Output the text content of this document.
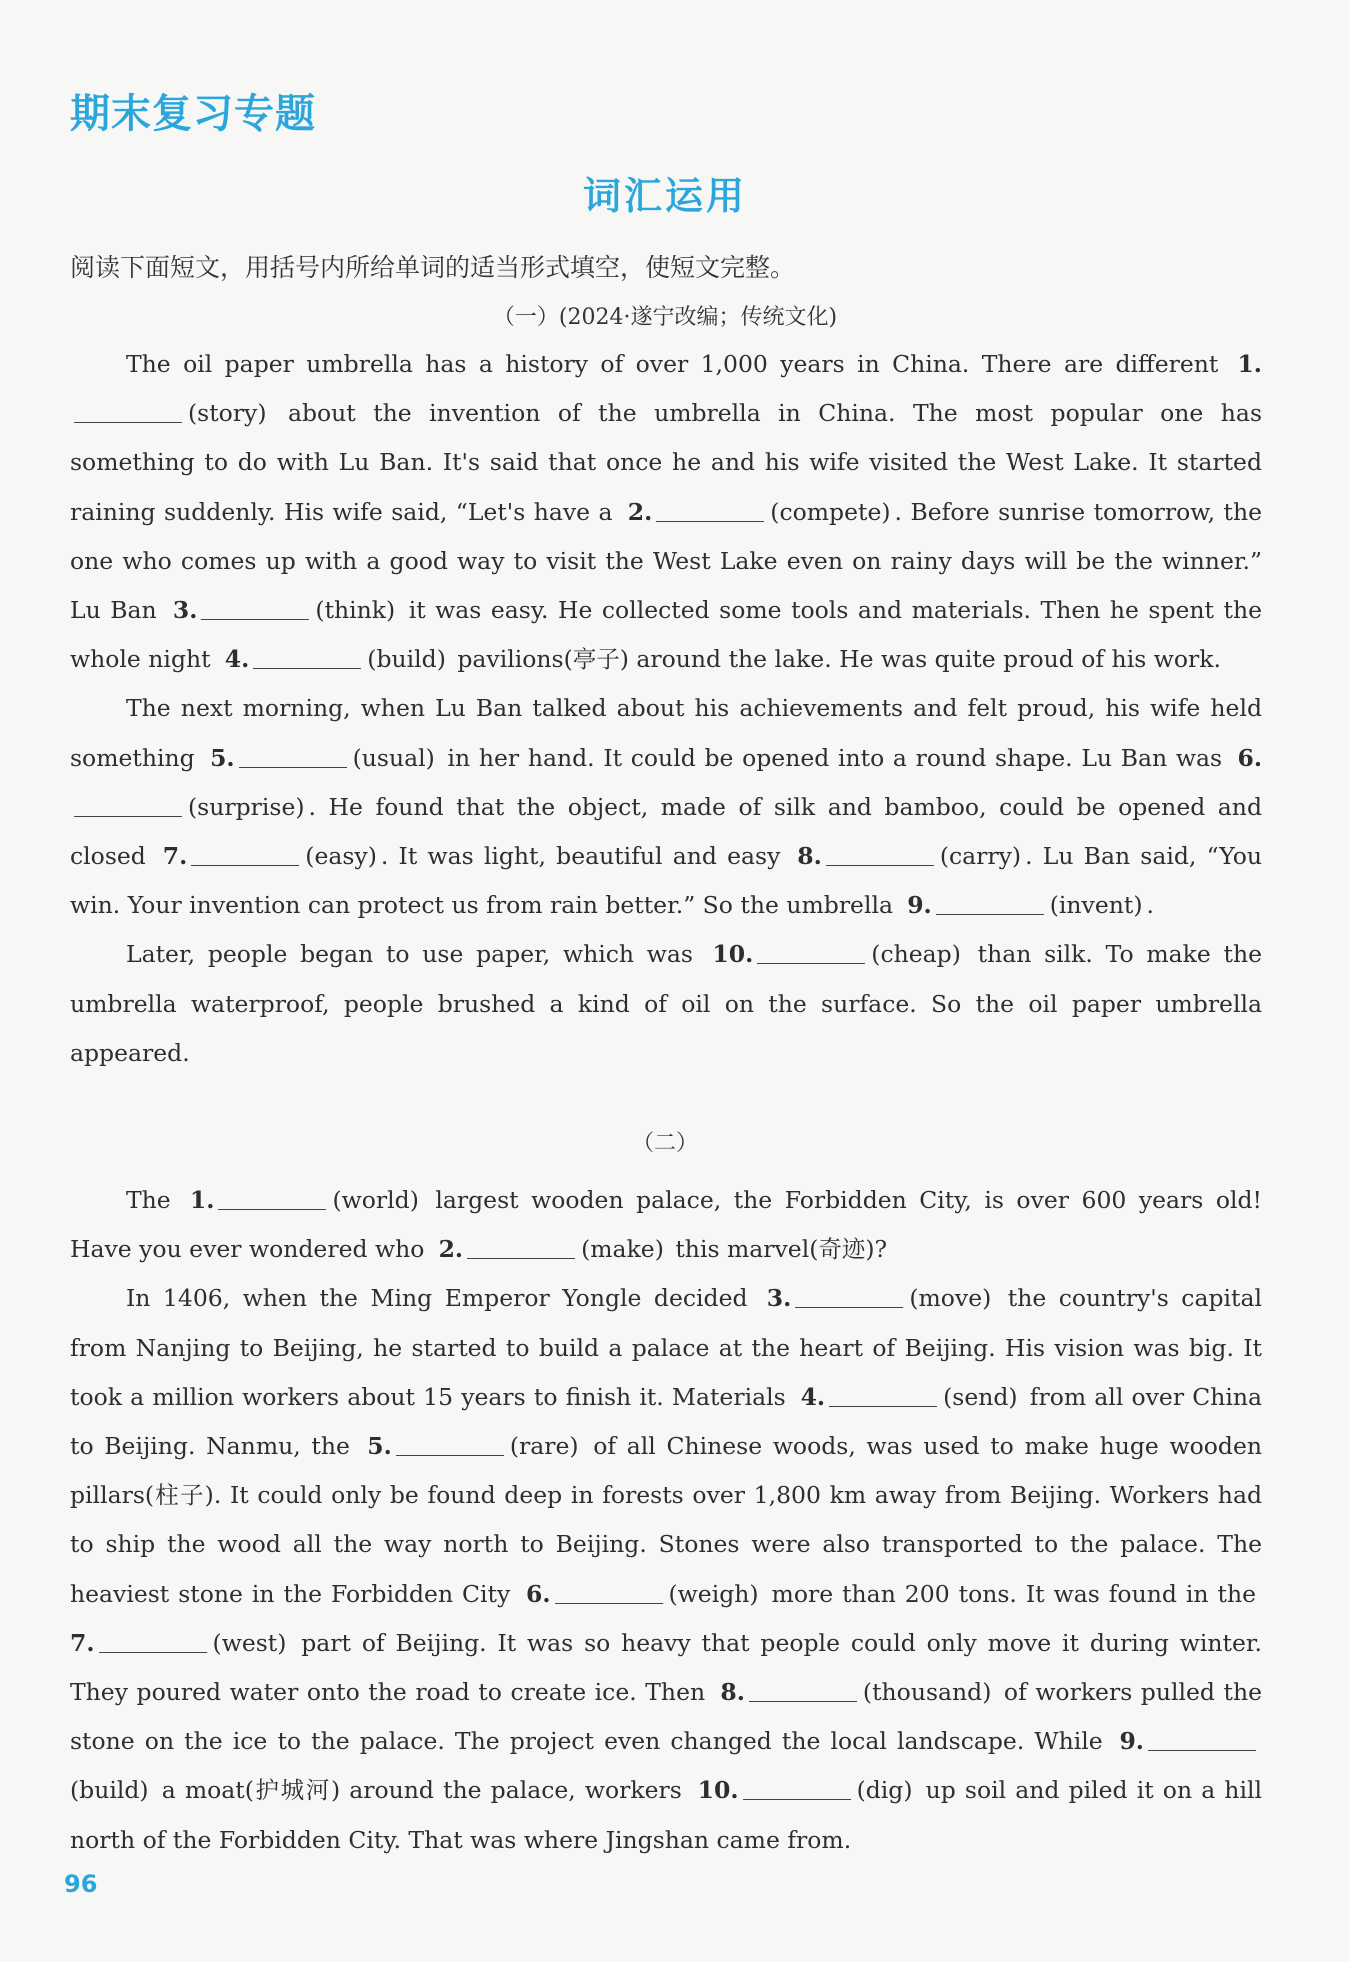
期末复习专题
词汇运用
阅读下面短文，用括号内所给单词的适当形式填空，使短文完整。
（一）(2024·遂宁改编；传统文化)

The oil paper umbrella has a history of over 1,000 years in China. There are different 1.(story) about the invention of the umbrella in China. The most popular one has something to do with Lu Ban. It's said that once he and his wife visited the West Lake. It started raining suddenly. His wife said, “Let's have a 2.	(compete) . Before sunrise tomorrow, the one who comes up with a good way to visit the West Lake even on rainy days will be the winner.” Lu Ban 3.	(think) it was easy. He collected some tools and materials. Then he spent the whole night 4.	(build) pavilions(亭子) around the lake. He was quite proud of his work.

The next morning, when Lu Ban talked about his achievements and felt proud, his wife held something 5.	(usual) in her hand. It could be opened into a round shape. Lu Ban was 6.(surprise) . He found that the object, made of silk and bamboo, could be opened and closed 7.	(easy) . It was light, beautiful and easy 8.	(carry) . Lu Ban said, “You win. Your invention can protect us from rain better.” So the umbrella 9.	(invent) .

Later, people began to use paper, which was 10.	(cheap) than silk. To make the umbrella waterproof, people brushed a kind of oil on the surface. So the oil paper umbrella appeared.

（二）

The 1.	(world) largest wooden palace, the Forbidden City, is over 600 years old! Have you ever wondered who 2.	(make) this marvel(奇迹)?

In 1406, when the Ming Emperor Yongle decided 3.	(move) the country's capital from Nanjing to Beijing, he started to build a palace at the heart of Beijing. His vision was big. It took a million workers about 15 years to finish it. Materials 4.	(send) from all over China to Beijing. Nanmu, the 5.	(rare) of all Chinese woods, was used to make huge wooden pillars(柱子). It could only be found deep in forests over 1,800 km away from Beijing. Workers had to ship the wood all the way north to Beijing. Stones were also transported to the palace. The heaviest stone in the Forbidden City 6.	(weigh) more than 200 tons. It was found in the 7.	(west) part of Beijing. It was so heavy that people could only move it during winter. They poured water onto the road to create ice. Then 8.	(thousand) of workers pulled the stone on the ice to the palace. The project even changed the local landscape. While 9.(build) a moat(护城河) around the palace, workers 10.	(dig) up soil and piled it on a hill north of the Forbidden City. That was where Jingshan came from.

96
